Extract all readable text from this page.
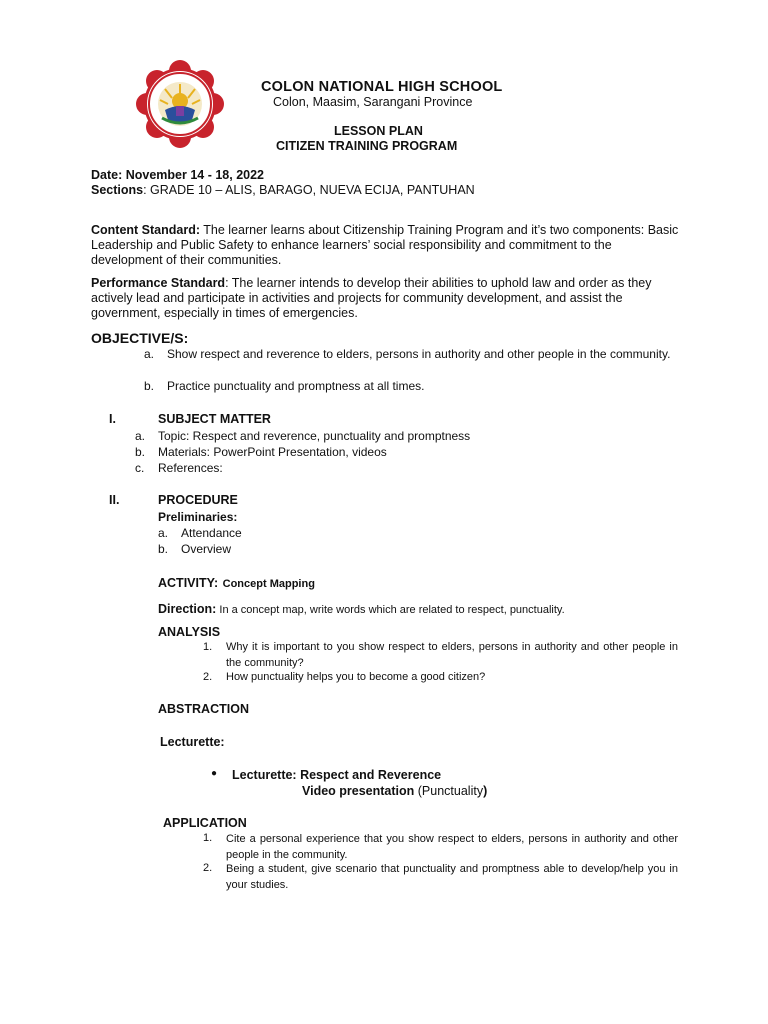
COLON NATIONAL HIGH SCHOOL
Colon, Maasim, Sarangani Province
LESSON PLAN
CITIZEN TRAINING PROGRAM
Date: November 14 - 18, 2022
Sections: GRADE 10 – ALIS, BARAGO, NUEVA ECIJA, PANTUHAN
Content Standard: The learner learns about Citizenship Training Program and it’s two components: Basic Leadership and Public Safety to enhance learners’ social responsibility and commitment to the development of their communities.
Performance Standard: The learner intends to develop their abilities to uphold law and order as they actively lead and participate in activities and projects for community development, and assist the government, especially in times of emergencies.
OBJECTIVE/S:
a. Show respect and reverence to elders, persons in authority and other people in the community.
b. Practice punctuality and promptness at all times.
I.	SUBJECT MATTER
a. Topic: Respect and reverence, punctuality and promptness
b. Materials: PowerPoint Presentation, videos
c. References:
II.	PROCEDURE
Preliminaries:
a. Attendance
b. Overview
ACTIVITY: Concept Mapping
Direction: In a concept map, write words which are related to respect, punctuality.
ANALYSIS
1. Why it is important to you show respect to elders, persons in authority and other people in the community?
2. How punctuality helps you to become a good citizen?
ABSTRACTION
Lecturette:
● Lecturette: Respect and Reverence
Video presentation (Punctuality)
APPLICATION
1. Cite a personal experience that you show respect to elders, persons in authority and other people in the community.
2. Being a student, give scenario that punctuality and promptness able to develop/help you in your studies.
